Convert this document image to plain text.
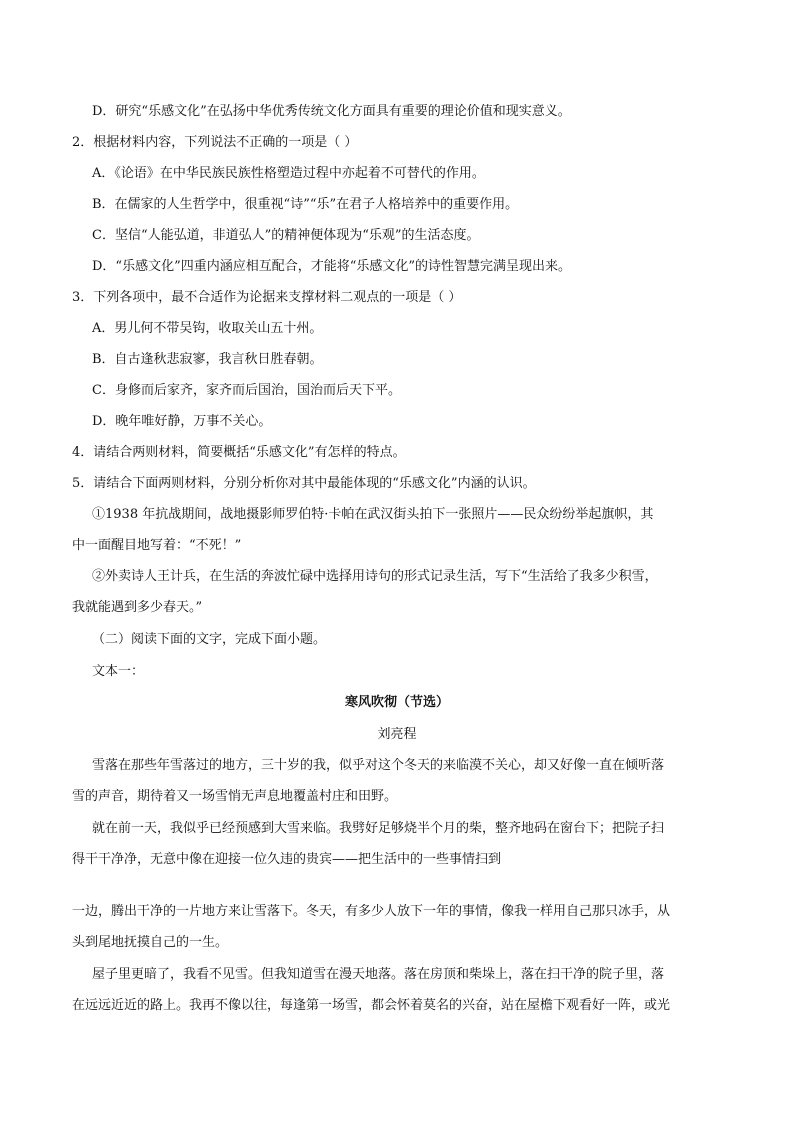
D．研究“乐感文化”在弘扬中华优秀传统文化方面具有重要的理论价值和现实意义。
2．根据材料内容，下列说法不正确的一项是（ ）
A．《论语》在中华民族民族性格塑造过程中亦起着不可替代的作用。
B．在儒家的人生哲学中，很重视“诗”“乐”在君子人格培养中的重要作用。
C．坚信“人能弘道，非道弘人”的精神便体现为“乐观”的生活态度。
D．“乐感文化”四重内涵应相互配合，才能将“乐感文化”的诗性智慧完满呈现出来。
3．下列各项中，最不合适作为论据来支撑材料二观点的一项是（ ）
A．男儿何不带吴钩，收取关山五十州。
B．自古逢秋悲寂寥，我言秋日胜春朝。
C．身修而后家齐，家齐而后国治，国治而后天下平。
D．晚年唯好静，万事不关心。
4．请结合两则材料，简要概括“乐感文化”有怎样的特点。
5．请结合下面两则材料，分别分析你对其中最能体现的“乐感文化”内涵的认识。
①1938 年抗战期间，战地摄影师罗伯特·卡帕在武汉街头拍下一张照片——民众纷纷举起旗帜，其
中一面醒目地写着：“不死！”
②外卖诗人王计兵，在生活的奔波忙碌中选择用诗句的形式记录生活，写下“生活给了我多少积雪，
我就能遇到多少春天。”
（二）阅读下面的文字，完成下面小题。
文本一：
寒风吹彻（节选）
刘亮程
雪落在那些年雪落过的地方，三十岁的我，似乎对这个冬天的来临漠不关心，却又好像一直在倾听落
雪的声音，期待着又一场雪悄无声息地覆盖村庄和田野。
就在前一天，我似乎已经预感到大雪来临。我劈好足够烧半个月的柴，整齐地码在窗台下；把院子扫
得干干净净，无意中像在迎接一位久违的贵宾——把生活中的一些事情扫到
一边，腾出干净的一片地方来让雪落下。冬天，有多少人放下一年的事情，像我一样用自己那只冰手，从
头到尾地抚摸自己的一生。
屋子里更暗了，我看不见雪。但我知道雪在漫天地落。落在房顶和柴垛上，落在扫干净的院子里，落
在远远近近的路上。我再不像以往，每逢第一场雪，都会怀着莫名的兴奋，站在屋檐下观看好一阵，或光
